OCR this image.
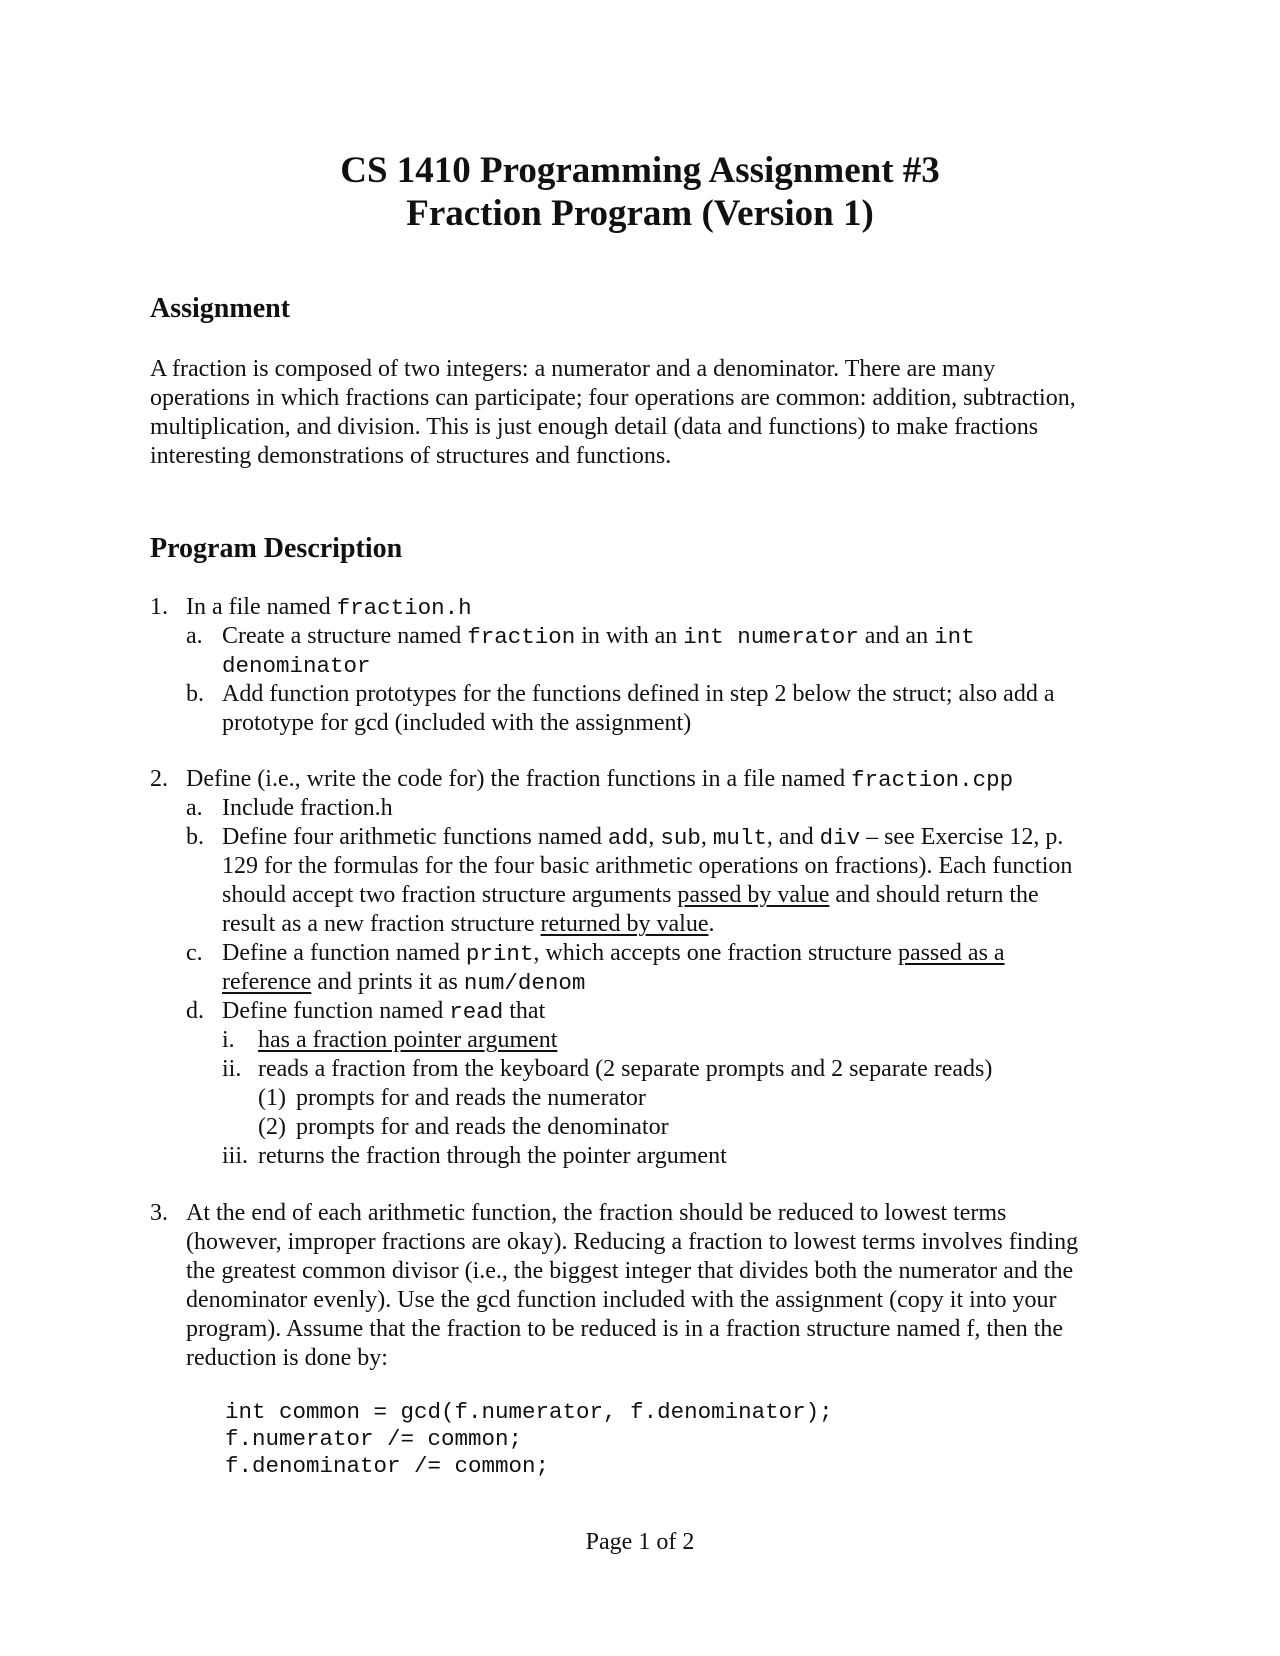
CS 1410 Programming Assignment #3
Fraction Program (Version 1)
Assignment
A fraction is composed of two integers: a numerator and a denominator. There are many
operations in which fractions can participate; four operations are common: addition, subtraction,
multiplication, and division. This is just enough detail (data and functions) to make fractions
interesting demonstrations of structures and functions.
Program Description
1. In a file named fraction.h
a. Create a structure named fraction in with an int numerator and an int
denominator
b. Add function prototypes for the functions defined in step 2 below the struct; also add a
prototype for gcd (included with the assignment)
2. Define (i.e., write the code for) the fraction functions in a file named fraction.cpp
a. Include fraction.h
b. Define four arithmetic functions named add, sub, mult, and div – see Exercise 12, p.
129 for the formulas for the four basic arithmetic operations on fractions). Each function
should accept two fraction structure arguments passed by value and should return the
result as a new fraction structure returned by value.
c. Define a function named print, which accepts one fraction structure passed as a
reference and prints it as num/denom
d. Define function named read that
i. has a fraction pointer argument
ii. reads a fraction from the keyboard (2 separate prompts and 2 separate reads)
(1) prompts for and reads the numerator
(2) prompts for and reads the denominator
iii. returns the fraction through the pointer argument
3. At the end of each arithmetic function, the fraction should be reduced to lowest terms
(however, improper fractions are okay). Reducing a fraction to lowest terms involves finding
the greatest common divisor (i.e., the biggest integer that divides both the numerator and the
denominator evenly). Use the gcd function included with the assignment (copy it into your
program). Assume that the fraction to be reduced is in a fraction structure named f, then the
reduction is done by:
int common = gcd(f.numerator, f.denominator);
f.numerator /= common;
f.denominator /= common;
Page 1 of 2
